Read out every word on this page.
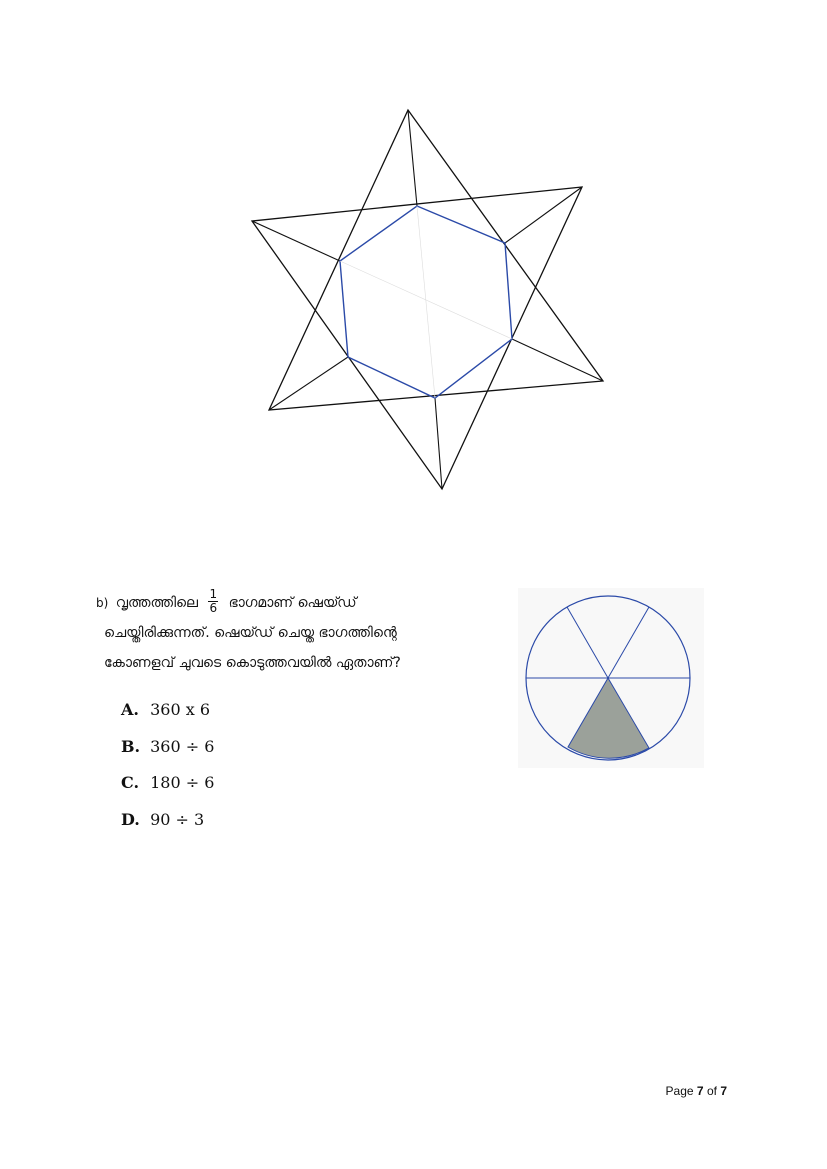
b) വൃത്തത്തിലെ $\frac{1}{6}$ ഭാഗമാണ് ഷെയ്ഡ്
ചെയ്തിരിക്കുന്നത്. ഷെയ്ഡ് ചെയ്ത ഭാഗത്തിന്റെ
കോണളവ് ചുവടെ കൊടുത്തവയിൽ ഏതാണ്?
A. 360 x 6
B. 360 ÷ 6
C. 180 ÷ 6
D. 90 ÷ 3
Page 7 of 7
